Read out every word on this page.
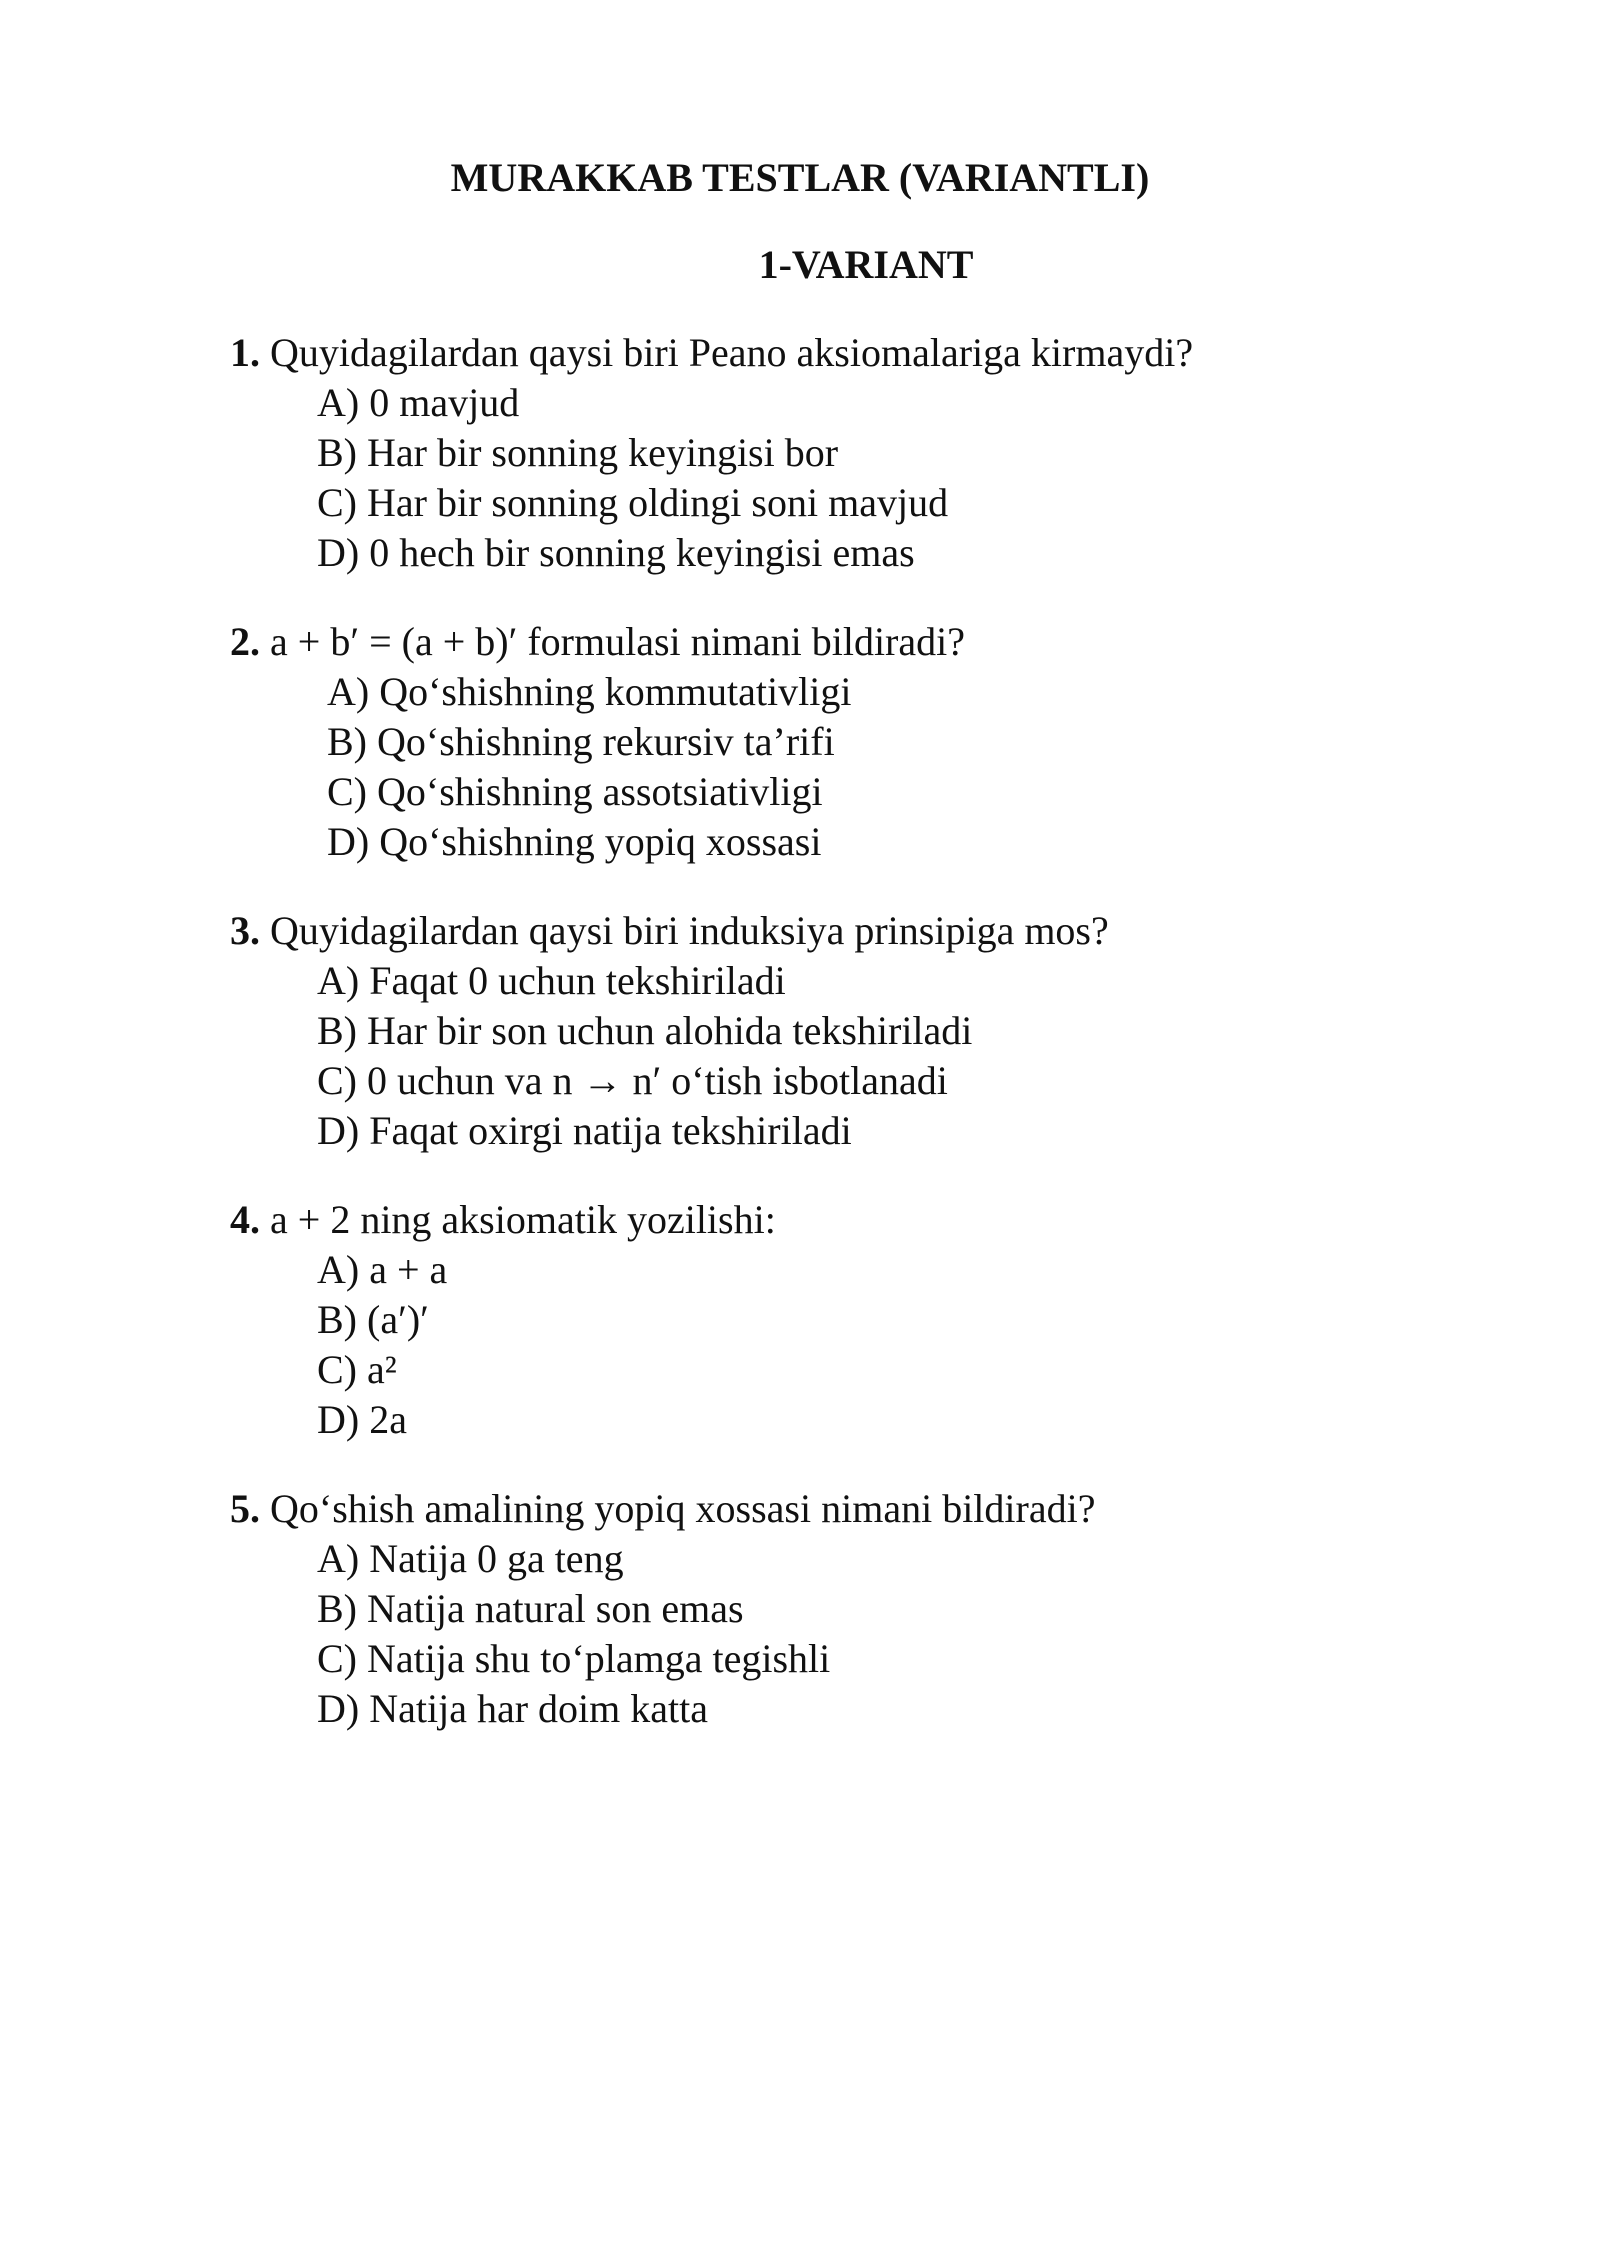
MURAKKAB TESTLAR (VARIANTLI)
1-VARIANT
1. Quyidagilardan qaysi biri Peano aksiomalariga kirmaydi?
A) 0 mavjud
B) Har bir sonning keyingisi bor
C) Har bir sonning oldingi soni mavjud
D) 0 hech bir sonning keyingisi emas
2. a + b′ = (a + b)′ formulasi nimani bildiradi?
A) Qo‘shishning kommutativligi
B) Qo‘shishning rekursiv ta’rifi
C) Qo‘shishning assotsiativligi
D) Qo‘shishning yopiq xossasi
3. Quyidagilardan qaysi biri induksiya prinsipiga mos?
A) Faqat 0 uchun tekshiriladi
B) Har bir son uchun alohida tekshiriladi
C) 0 uchun va n → n′ o‘tish isbotlanadi
D) Faqat oxirgi natija tekshiriladi
4. a + 2 ning aksiomatik yozilishi:
A) a + a
B) (a′)′
C) a²
D) 2a
5. Qo‘shish amalining yopiq xossasi nimani bildiradi?
A) Natija 0 ga teng
B) Natija natural son emas
C) Natija shu to‘plamga tegishli
D) Natija har doim katta
